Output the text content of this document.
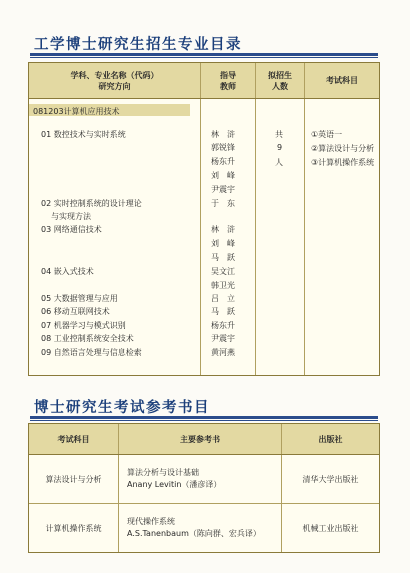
工学博士研究生招生专业目录
学科、专业名称（代码）
研究方向
指导
教师
拟招生
人数
考试科目
081203计算机应用技术
01 数控技术与实时系统
02 实时控制系统的设计理论
与实现方法
03 网络通信技术
04 嵌入式技术
05 大数据管理与应用
06 移动互联网技术
07 机器学习与模式识别
08 工业控制系统安全技术
09 自然语言处理与信息检索
林　浒
郭锐锋
杨东升
刘　峰
尹震宇
于　东
林　浒
刘　峰
马　跃
吴文江
韩卫光
吕　立
马　跃
杨东升
尹震宇
黄河燕
共
9
人
①英语一
②算法设计与分析
③计算机操作系统
博士研究生考试参考书目
考试科目	主要参考书	出版社
算法设计与分析
算法分析与设计基础
Anany Levitin（潘彦译）
清华大学出版社
计算机操作系统
现代操作系统
A.S.Tanenbaum（陈向群、宏兵译）
机械工业出版社
